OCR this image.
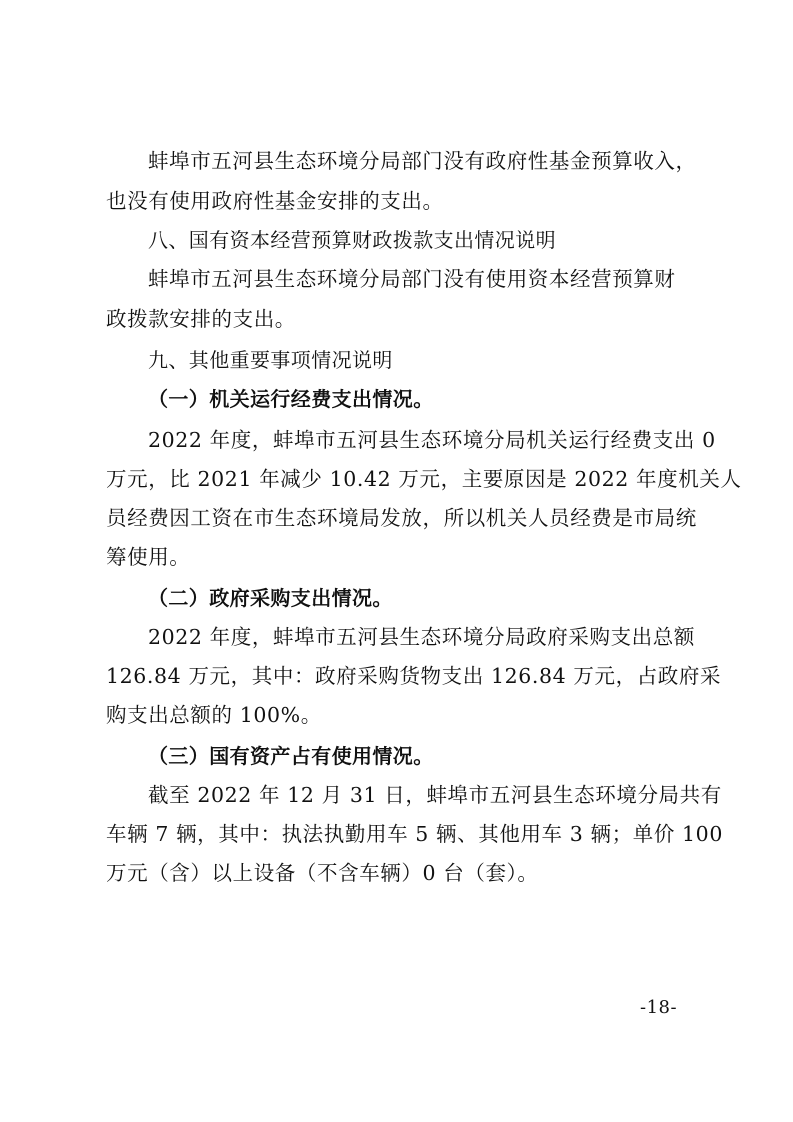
蚌埠市五河县生态环境分局部门没有政府性基金预算收入，
也没有使用政府性基金安排的支出。
八、国有资本经营预算财政拨款支出情况说明
蚌埠市五河县生态环境分局部门没有使用资本经营预算财
政拨款安排的支出。
九、其他重要事项情况说明
（一）机关运行经费支出情况。
2022 年度，蚌埠市五河县生态环境分局机关运行经费支出 0
万元，比 2021 年减少 10.42 万元，主要原因是 2022 年度机关人
员经费因工资在市生态环境局发放，所以机关人员经费是市局统
筹使用。
（二）政府采购支出情况。
2022 年度，蚌埠市五河县生态环境分局政府采购支出总额
126.84 万元，其中：政府采购货物支出 126.84 万元，占政府采
购支出总额的 100%。
（三）国有资产占有使用情况。
截至 2022 年 12 月 31 日，蚌埠市五河县生态环境分局共有
车辆 7 辆，其中：执法执勤用车 5 辆、其他用车 3 辆；单价 100
万元（含）以上设备（不含车辆）0 台（套）。
-18-
